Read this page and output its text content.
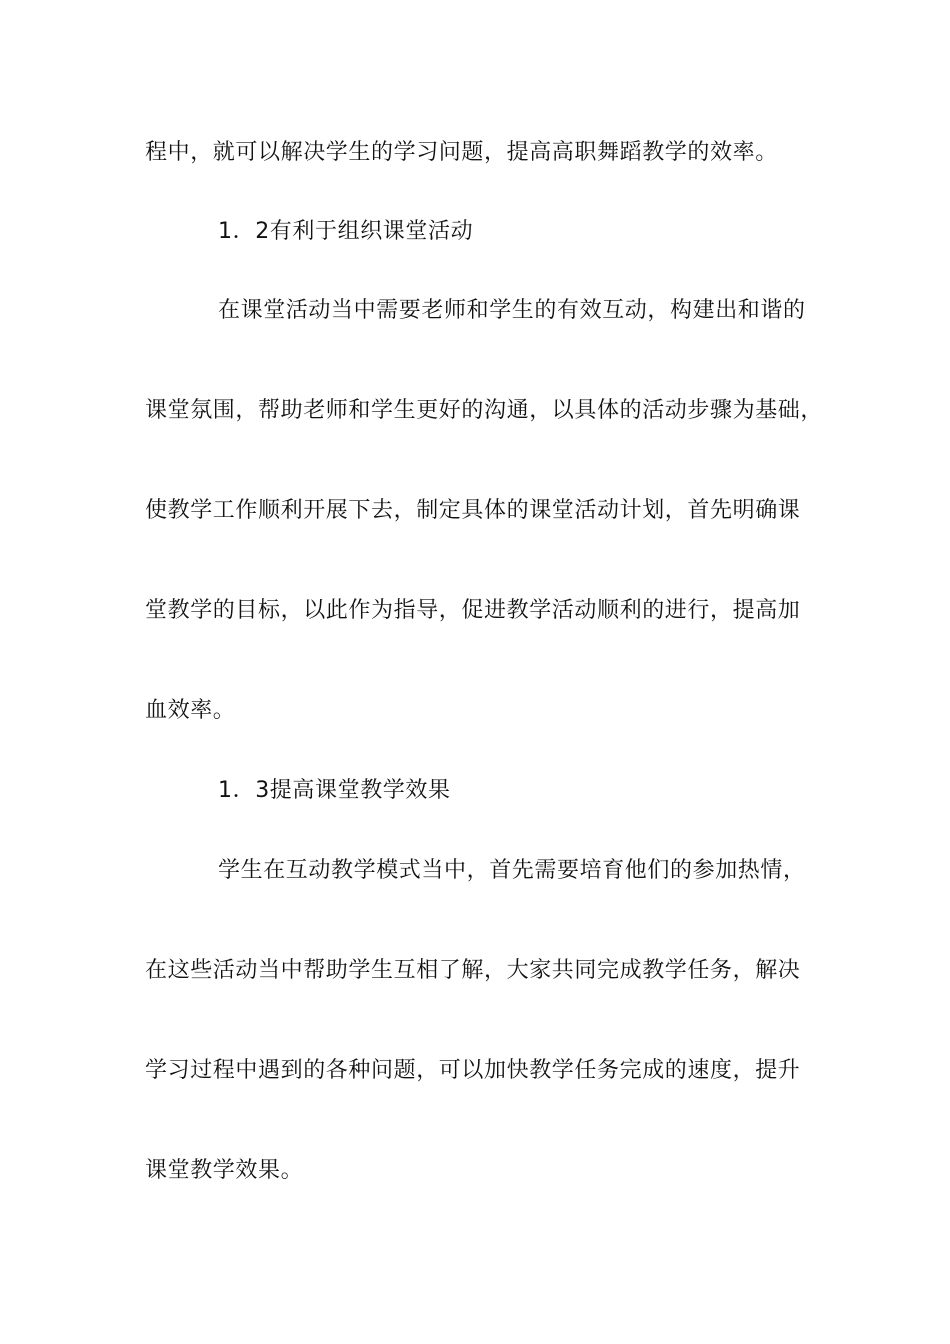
程中，就可以解决学生的学习问题，提高高职舞蹈教学的效率。
1．2有利于组织课堂活动
在课堂活动当中需要老师和学生的有效互动，构建出和谐的
课堂氛围，帮助老师和学生更好的沟通，以具体的活动步骤为基础，
使教学工作顺利开展下去，制定具体的课堂活动计划，首先明确课
堂教学的目标，以此作为指导，促进教学活动顺利的进行，提高加
血效率。
1．3提高课堂教学效果
学生在互动教学模式当中，首先需要培育他们的参加热情，
在这些活动当中帮助学生互相了解，大家共同完成教学任务，解决
学习过程中遇到的各种问题，可以加快教学任务完成的速度，提升
课堂教学效果。
